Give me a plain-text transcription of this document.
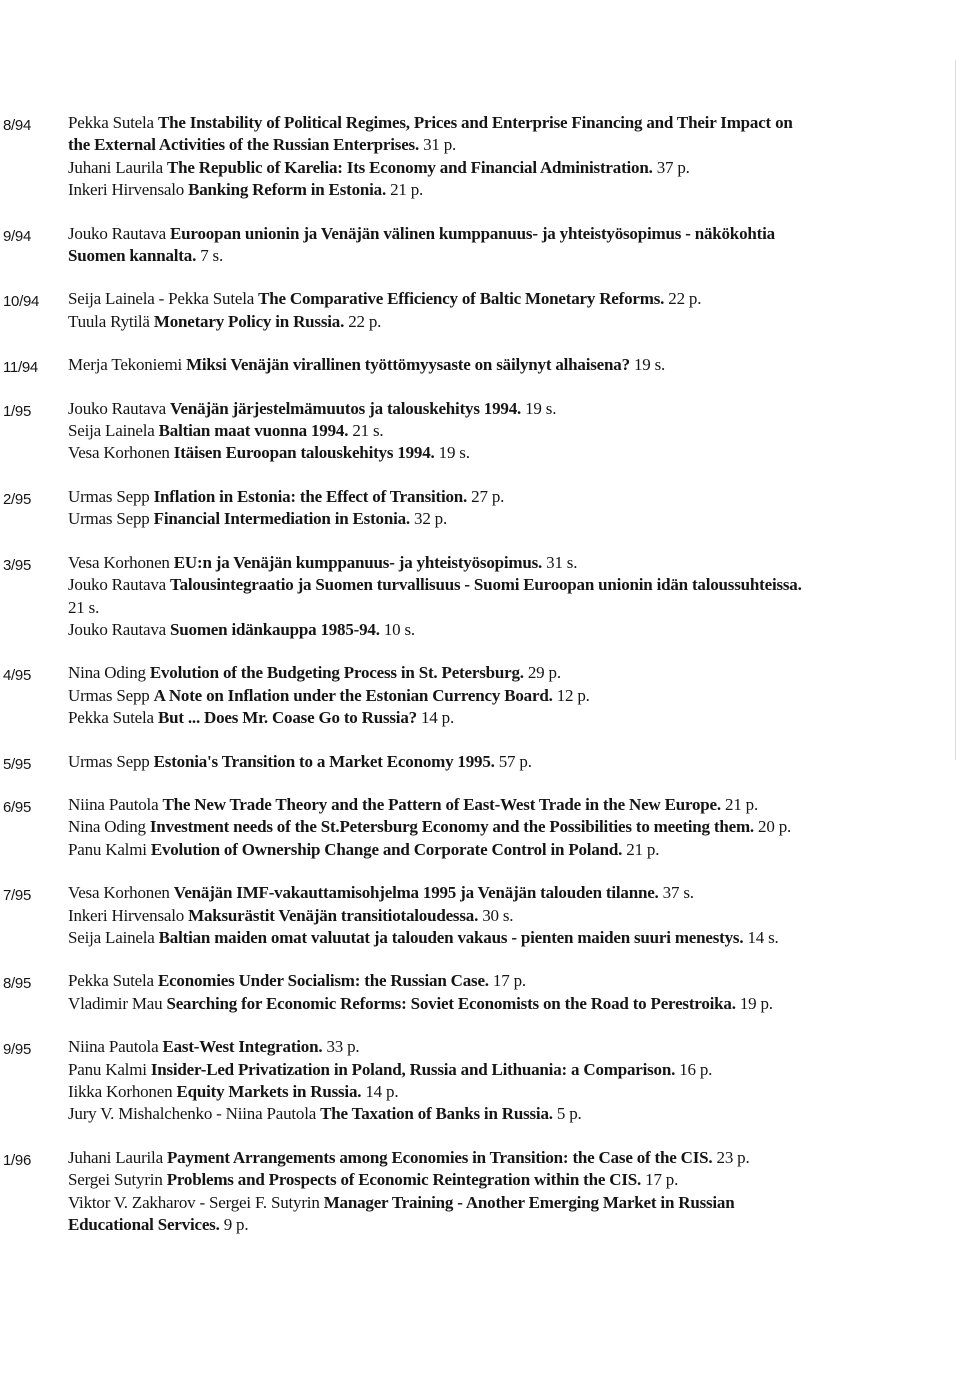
8/94	Pekka Sutela The Instability of Political Regimes, Prices and Enterprise Financing and Their Impact on the External Activities of the Russian Enterprises. 31 p.
Juhani Laurila The Republic of Karelia: Its Economy and Financial Administration. 37 p.
Inkeri Hirvensalo Banking Reform in Estonia. 21 p.
9/94	Jouko Rautava Euroopan unionin ja Venäjän välinen kumppanuus- ja yhteistyösopimus - näkökohtia Suomen kannalta. 7 s.
10/94	Seija Lainela - Pekka Sutela The Comparative Efficiency of Baltic Monetary Reforms. 22 p.
Tuula Rytilä Monetary Policy in Russia. 22 p.
11/94	Merja Tekoniemi Miksi Venäjän virallinen työttömyysaste on säilynyt alhaisena? 19 s.
1/95	Jouko Rautava Venäjän järjestelmämuutos ja talouskehitys 1994. 19 s.
Seija Lainela Baltian maat vuonna 1994. 21 s.
Vesa Korhonen Itäisen Euroopan talouskehitys 1994. 19 s.
2/95	Urmas Sepp Inflation in Estonia: the Effect of Transition. 27 p.
Urmas Sepp Financial Intermediation in Estonia. 32 p.
3/95	Vesa Korhonen EU:n ja Venäjän kumppanuus- ja yhteistyösopimus. 31 s.
Jouko Rautava Talousintegraatio ja Suomen turvallisuus - Suomi Euroopan unionin idän taloussuhteissa. 21 s.
Jouko Rautava Suomen idänkauppa 1985-94. 10 s.
4/95	Nina Oding Evolution of the Budgeting Process in St. Petersburg. 29 p.
Urmas Sepp A Note on Inflation under the Estonian Currency Board. 12 p.
Pekka Sutela But ... Does Mr. Coase Go to Russia? 14 p.
5/95	Urmas Sepp Estonia's Transition to a Market Economy 1995. 57 p.
6/95	Niina Pautola The New Trade Theory and the Pattern of East-West Trade in the New Europe. 21 p.
Nina Oding Investment needs of the St.Petersburg Economy and the Possibilities to meeting them. 20 p.
Panu Kalmi Evolution of Ownership Change and Corporate Control in Poland. 21 p.
7/95	Vesa Korhonen Venäjän IMF-vakauttamisohjelma 1995 ja Venäjän talouden tilanne. 37 s.
Inkeri Hirvensalo Maksurästit Venäjän transitiotaloudessa. 30 s.
Seija Lainela Baltian maiden omat valuutat ja talouden vakaus - pienten maiden suuri menestys. 14 s.
8/95	Pekka Sutela Economies Under Socialism: the Russian Case. 17 p.
Vladimir Mau Searching for Economic Reforms: Soviet Economists on the Road to Perestroika. 19 p.
9/95	Niina Pautola East-West Integration. 33 p.
Panu Kalmi Insider-Led Privatization in Poland, Russia and Lithuania: a Comparison. 16 p.
Iikka Korhonen Equity Markets in Russia. 14 p.
Jury V. Mishalchenko - Niina Pautola The Taxation of Banks in Russia. 5 p.
1/96	Juhani Laurila Payment Arrangements among Economies in Transition: the Case of the CIS. 23 p.
Sergei Sutyrin Problems and Prospects of Economic Reintegration within the CIS. 17 p.
Viktor V. Zakharov - Sergei F. Sutyrin Manager Training - Another Emerging Market in Russian Educational Services. 9 p.
